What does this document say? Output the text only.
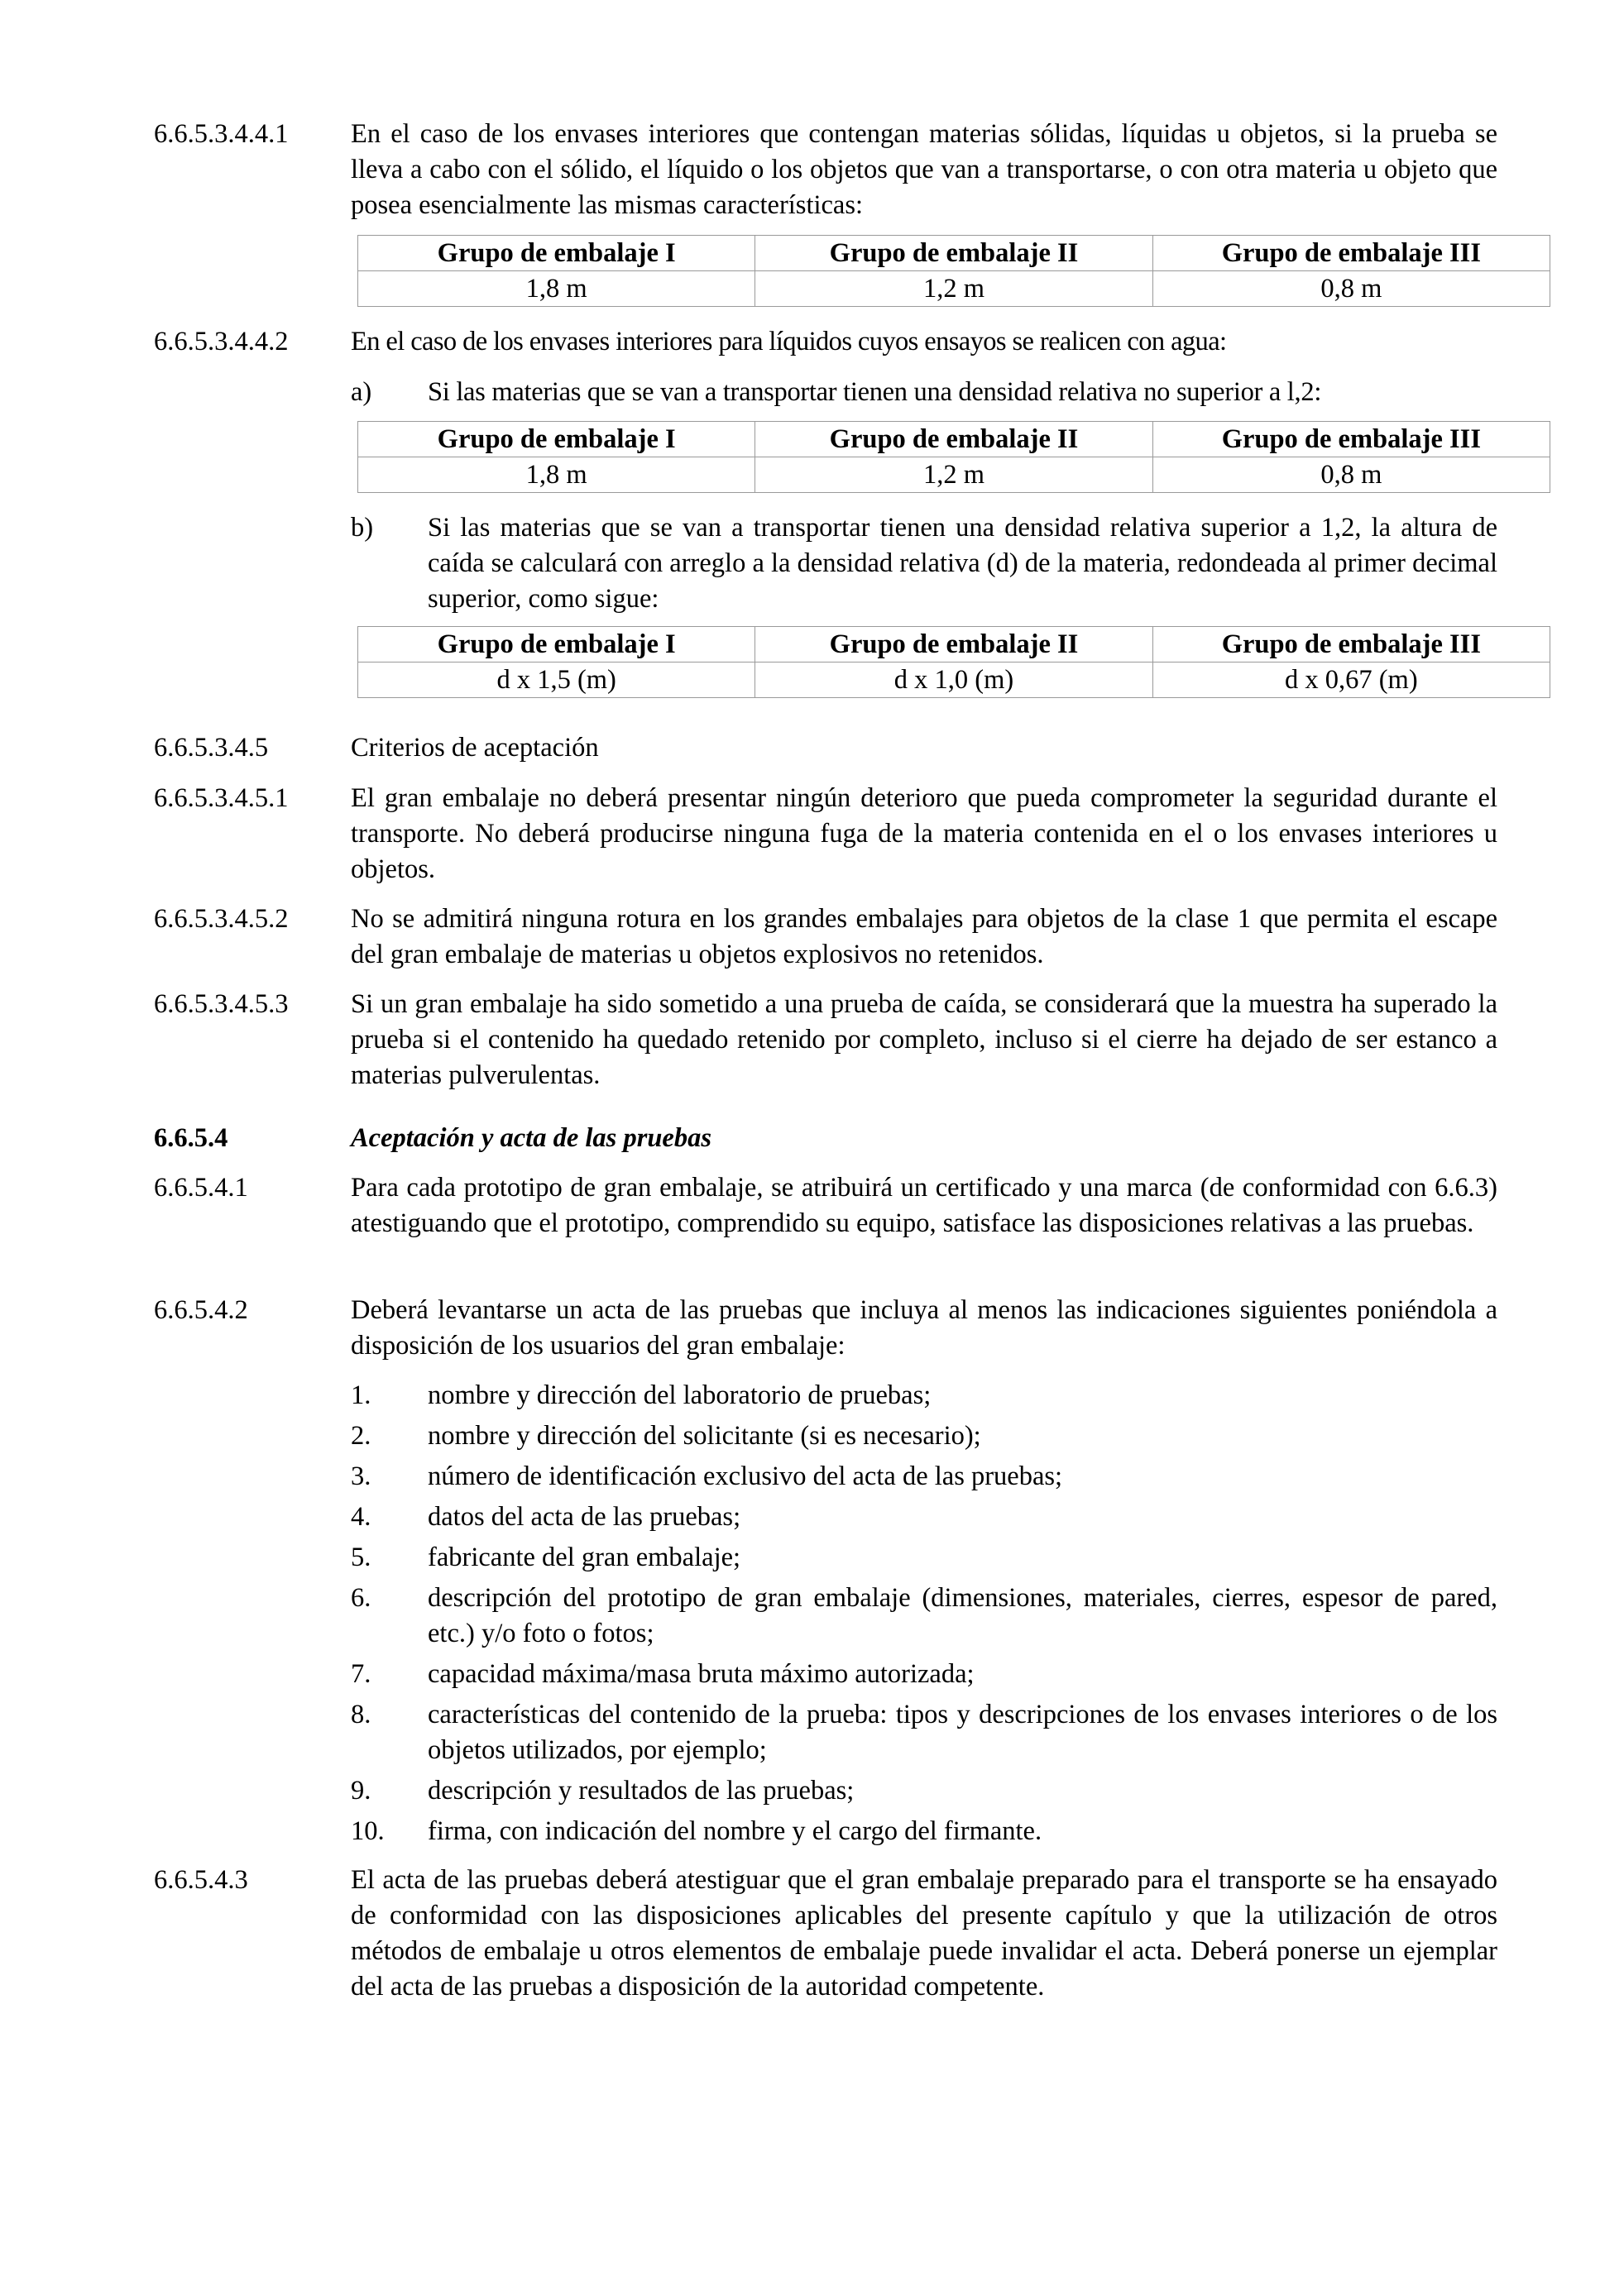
6.6.5.3.4.4.1 En el caso de los envases interiores que contengan materias sólidas, líquidas u objetos, si la prueba se lleva a cabo con el sólido, el líquido o los objetos que van a transportarse, o con otra materia u objeto que posea esencialmente las mismas características:
Grupo de embalaje I	Grupo de embalaje II	Grupo de embalaje III
1,8 m	1,2 m	0,8 m
6.6.5.3.4.4.2 En el caso de los envases interiores para líquidos cuyos ensayos se realicen con agua:
a) Si las materias que se van a transportar tienen una densidad relativa no superior a l,2:
Grupo de embalaje I	Grupo de embalaje II	Grupo de embalaje III
1,8 m	1,2 m	0,8 m
b) Si las materias que se van a transportar tienen una densidad relativa superior a 1,2, la altura de caída se calculará con arreglo a la densidad relativa (d) de la materia, redondeada al primer decimal superior, como sigue:
Grupo de embalaje I	Grupo de embalaje II	Grupo de embalaje III
d x 1,5 (m)	d x 1,0 (m)	d x 0,67 (m)
6.6.5.3.4.5	Criterios de aceptación
6.6.5.3.4.5.1 El gran embalaje no deberá presentar ningún deterioro que pueda comprometer la seguridad durante el transporte. No deberá producirse ninguna fuga de la materia contenida en el o los envases interiores u objetos.
6.6.5.3.4.5.2 No se admitirá ninguna rotura en los grandes embalajes para objetos de la clase 1 que permita el escape del gran embalaje de materias u objetos explosivos no retenidos.
6.6.5.3.4.5.3 Si un gran embalaje ha sido sometido a una prueba de caída, se considerará que la muestra ha superado la prueba si el contenido ha quedado retenido por completo, incluso si el cierre ha dejado de ser estanco a materias pulverulentas.
6.6.5.4	Aceptación y acta de las pruebas
6.6.5.4.1	Para cada prototipo de gran embalaje, se atribuirá un certificado y una marca (de conformidad con 6.6.3) atestiguando que el prototipo, comprendido su equipo, satisface las disposiciones relativas a las pruebas.
6.6.5.4.2	Deberá levantarse un acta de las pruebas que incluya al menos las indicaciones siguientes poniéndola a disposición de los usuarios del gran embalaje:
1. nombre y dirección del laboratorio de pruebas;
2. nombre y dirección del solicitante (si es necesario);
3. número de identificación exclusivo del acta de las pruebas;
4. datos del acta de las pruebas;
5. fabricante del gran embalaje;
6. descripción del prototipo de gran embalaje (dimensiones, materiales, cierres, espesor de pared, etc.) y/o foto o fotos;
7. capacidad máxima/masa bruta máximo autorizada;
8. características del contenido de la prueba: tipos y descripciones de los envases interiores o de los objetos utilizados, por ejemplo;
9. descripción y resultados de las pruebas;
10. firma, con indicación del nombre y el cargo del firmante.
6.6.5.4.3	El acta de las pruebas deberá atestiguar que el gran embalaje preparado para el transporte se ha ensayado de conformidad con las disposiciones aplicables del presente capítulo y que la utilización de otros métodos de embalaje u otros elementos de embalaje puede invalidar el acta. Deberá ponerse un ejemplar del acta de las pruebas a disposición de la autoridad competente.
